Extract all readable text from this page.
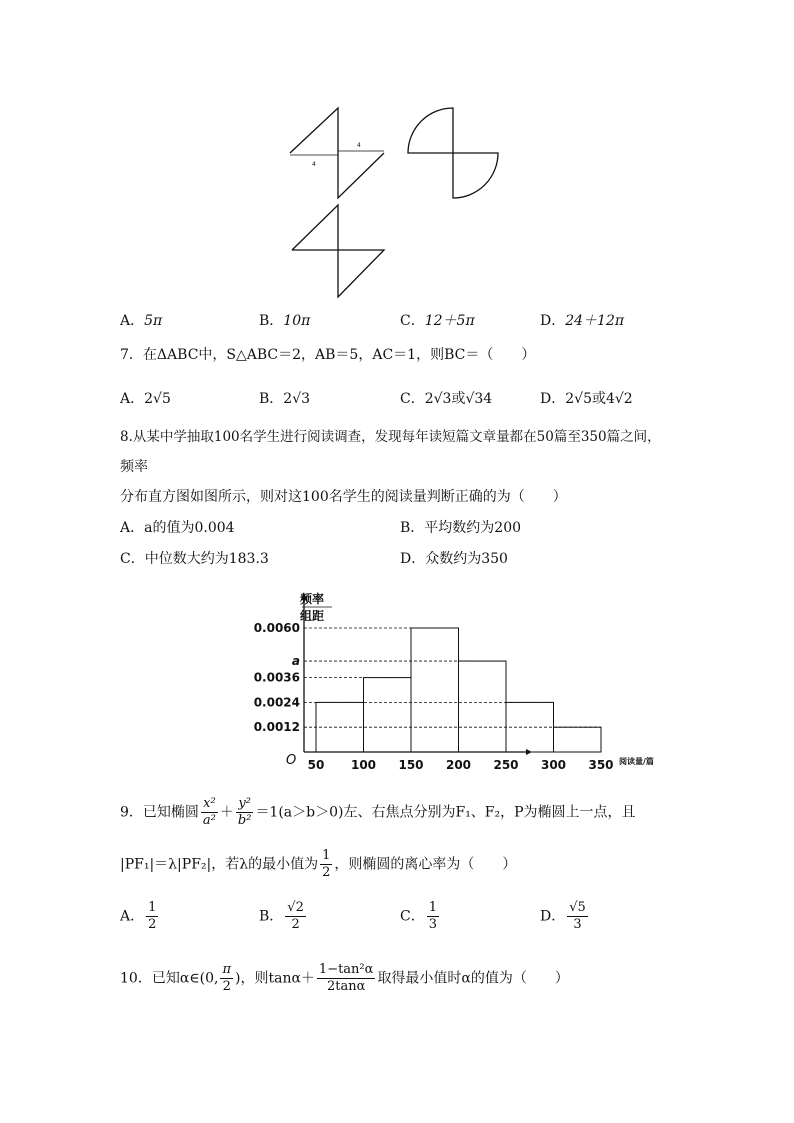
4
4
A．5π	B．10π	C．12＋5π	D．24＋12π
7．在ΔABC中，S△ABC＝2，AB＝5，AC＝1，则BC＝（　　）
A．2√5	B．2√3	C．2√3或√34	D．2√5或4√2
8.从某中学抽取100名学生进行阅读调查，发现每年读短篇文章量都在50篇至350篇之间，
频率
分布直方图如图所示，则对这100名学生的阅读量判断正确的为（　　）
A．a的值为0.004	B．平均数约为200
C．中位数大约为183.3	D．众数约为350
0.0012
0.0024
0.0036
a
0.0060
50 100 150 200 250 300 350
O
频率
组距
阅读量/篇
9．已知椭圆 $\frac{\text{x²}}{\text{a²}} + \frac{\text{y²}}{\text{b²}} =1(a>b>0)$左、右焦点分别为F₁、F₂，P为椭圆上一点，且
|PF₁|＝λ|PF₂|，若λ的最小值为 $\frac{1}{2}$ ，则椭圆的离心率为（　　）
A． $\frac{1}{2}$	B． $\frac{√2}{2}$	C． $\frac{1}{3}$	D． $\frac{√5}{3}$
10．已知α∈(0, $\frac{\pi}{2}$ )，则$\tan\alpha+ \frac{\text{1−tan²α}}{2\tan\alpha}$ 取得最小值时α的值为（　　）
